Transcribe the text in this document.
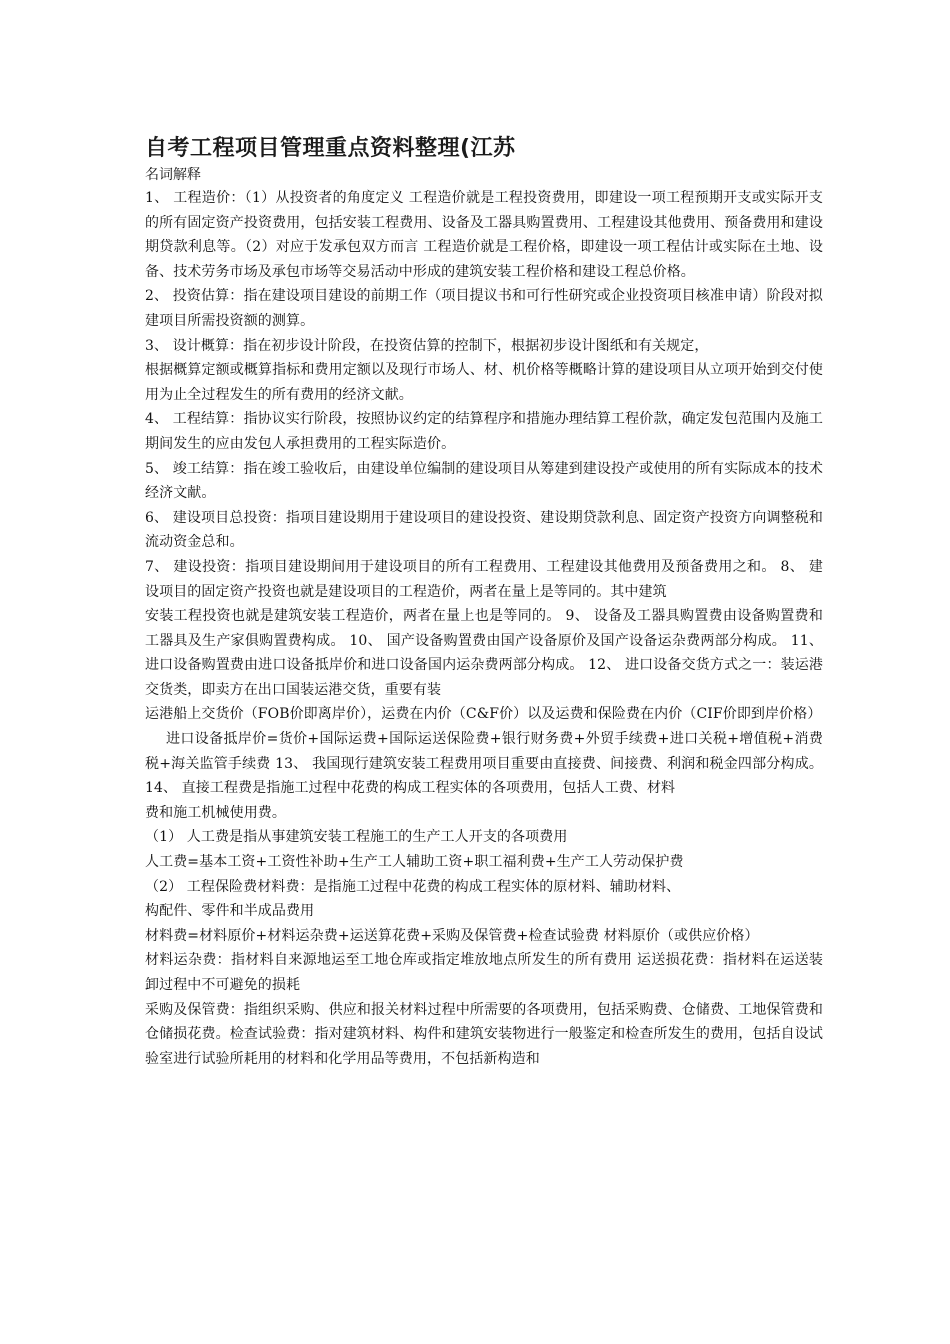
自考工程项目管理重点资料整理(江苏
名词解释

1、 工程造价：（1）从投资者的角度定义 工程造价就是工程投资费用，即建设一项工程预期开支或实际开支的所有固定资产投资费用，包括安装工程费用、设备及工器具购置费用、工程建设其他费用、预备费用和建设期贷款利息等。（2）对应于发承包双方而言 工程造价就是工程价格，即建设一项工程估计或实际在土地、设备、技术劳务市场及承包市场等交易活动中形成的建筑安装工程价格和建设工程总价格。

2、 投资估算：指在建设项目建设的前期工作（项目提议书和可行性研究或企业投资项目核准申请）阶段对拟建项目所需投资额的测算。

3、 设计概算：指在初步设计阶段，在投资估算的控制下，根据初步设计图纸和有关规定，

根据概算定额或概算指标和费用定额以及现行市场人、材、机价格等概略计算的建设项目从立项开始到交付使用为止全过程发生的所有费用的经济文献。

4、 工程结算：指协议实行阶段，按照协议约定的结算程序和措施办理结算工程价款，确定发包范围内及施工期间发生的应由发包人承担费用的工程实际造价。

5、 竣工结算：指在竣工验收后，由建设单位编制的建设项目从筹建到建设投产或使用的所有实际成本的技术经济文献。

6、 建设项目总投资：指项目建设期用于建设项目的建设投资、建设期贷款利息、固定资产投资方向调整税和流动资金总和。

7、 建设投资：指项目建设期间用于建设项目的所有工程费用、工程建设其他费用及预备费用之和。 8、 建设项目的固定资产投资也就是建设项目的工程造价，两者在量上是等同的。其中建筑

安装工程投资也就是建筑安装工程造价，两者在量上也是等同的。 9、 设备及工器具购置费由设备购置费和工器具及生产家俱购置费构成。 10、 国产设备购置费由国产设备原价及国产设备运杂费两部分构成。 11、 进口设备购置费由进口设备抵岸价和进口设备国内运杂费两部分构成。 12、 进口设备交货方式之一：装运港交货类，即卖方在出口国装运港交货，重要有装

运港船上交货价（FOB价即离岸价），运费在内价（C&F价）以及运费和保险费在内价（CIF价即到岸价格）

进口设备抵岸价=货价+国际运费+国际运送保险费+银行财务费+外贸手续费+进口关税+增值税+消费税+海关监管手续费 13、 我国现行建筑安装工程费用项目重要由直接费、间接费、利润和税金四部分构成。 14、 直接工程费是指施工过程中花费的构成工程实体的各项费用，包括人工费、材料

费和施工机械使用费。

（1） 人工费是指从事建筑安装工程施工的生产工人开支的各项费用

人工费=基本工资+工资性补助+生产工人辅助工资+职工福利费+生产工人劳动保护费

（2） 工程保险费材料费：是指施工过程中花费的构成工程实体的原材料、辅助材料、

构配件、零件和半成品费用

材料费=材料原价+材料运杂费+运送算花费+采购及保管费+检查试验费 材料原价（或供应价格）

材料运杂费：指材料自来源地运至工地仓库或指定堆放地点所发生的所有费用 运送损花费：指材料在运送装卸过程中不可避免的损耗

采购及保管费：指组织采购、供应和报关材料过程中所需要的各项费用，包括采购费、仓储费、工地保管费和仓储损花费。检查试验费：指对建筑材料、构件和建筑安装物进行一般鉴定和检查所发生的费用，包括自设试验室进行试验所耗用的材料和化学用品等费用，不包括新构造和
